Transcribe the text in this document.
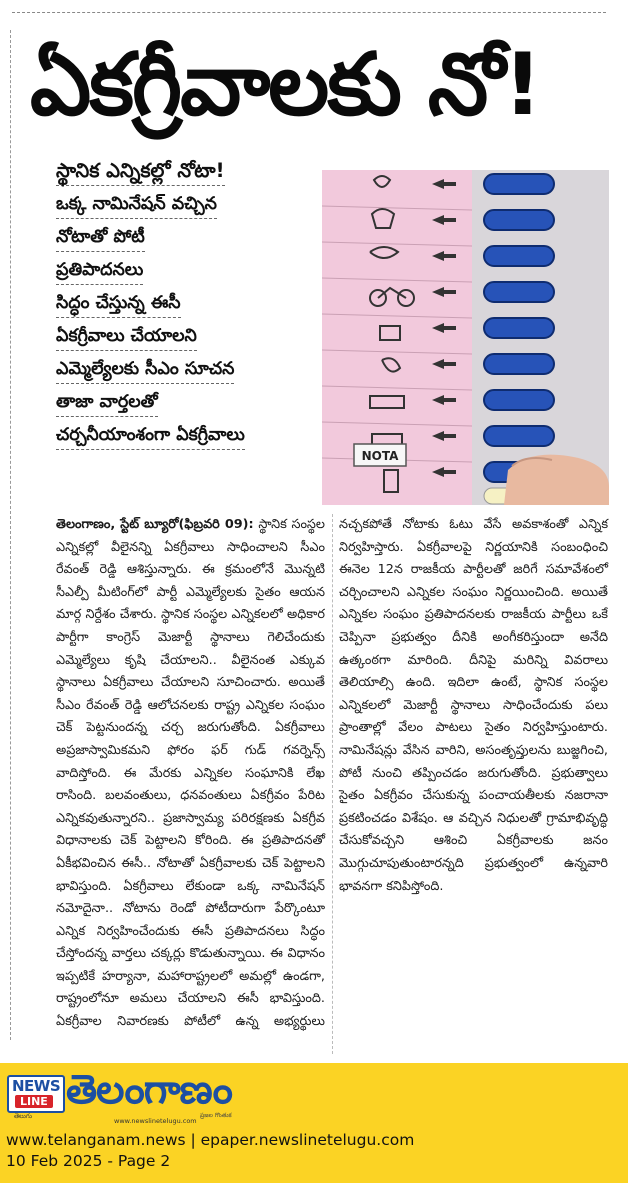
ఏకగ్రీవాలకు నో!
స్థానిక ఎన్నికల్లో నోటా!
ఒక్క నామినేషన్ వచ్చిన
నోటాతో పోటీ
ప్రతిపాదనలు
సిద్ధం చేస్తున్న ఈసీ
ఏకగ్రీవాలు చేయాలని
ఎమ్మెల్యేలకు సీఎం సూచన
తాజా వార్తలతో
చర్చనీయాంశంగా ఏకగ్రీవాలు
NOTA
తెలంగాణం, స్టేట్ బ్యూరో(ఫిబ్రవరి 09): స్థానిక సంస్థల ఎన్నికల్లో వీలైనన్ని ఏకగ్రీవాలు సాధించాలని సీఎం రేవంత్ రెడ్డి ఆశిస్తున్నారు. ఈ క్రమంలోనే మొన్నటి సీఎల్పీ మీటింగ్‌లో పార్టీ ఎమ్మెల్యేలకు సైతం ఆయన మార్గ నిర్దేశం చేశారు. స్థానిక సంస్థల ఎన్నికలలో అధికార పార్టీగా కాంగ్రెస్ మెజార్టీ స్థానాలు గెలిచేందుకు ఎమ్మెల్యేలు కృషి చేయాలని.. వీలైనంత ఎక్కువ స్థానాలు ఏకగ్రీవాలు చేయాలని సూచించారు. అయితే సీఎం రేవంత్ రెడ్డి ఆలోచనలకు రాష్ట్ర ఎన్నికల సంఘం చెక్ పెట్టనుందన్న చర్చ జరుగుతోంది. ఏకగ్రీవాలు అప్రజాస్వామికమని ఫోరం ఫర్ గుడ్ గవర్నెన్స్ వాదిస్తోంది. ఈ మేరకు ఎన్నికల సంఘానికి లేఖ రాసింది. బలవంతులు, ధనవంతులు ఏకగ్రీవం పేరిట ఎన్నికవుతున్నారని.. ప్రజాస్వామ్య పరిరక్షణకు ఏకగ్రీవ విధానాలకు చెక్ పెట్టాలని కోరింది. ఈ ప్రతిపాదనతో ఏకీభవించిన ఈసీ.. నోటాతో ఏకగ్రీవాలకు చెక్ పెట్టాలని భావిస్తుంది. ఏకగ్రీవాలు లేకుండా ఒక్క నామినేషన్ నమోదైనా.. నోటాను రెండో పోటీదారుగా పేర్కొంటూ ఎన్నిక నిర్వహించేందుకు ఈసీ ప్రతిపాదనలు సిద్ధం చేస్తోందన్న వార్తలు చక్కర్లు కొడుతున్నాయి. ఈ విధానం ఇప్పటికే హర్యానా, మహారాష్ట్రలలో అమల్లో ఉండగా, రాష్ట్రంలోనూ అమలు చేయాలని ఈసీ భావిస్తుంది. ఏకగ్రీవాల నివారణకు పోటీలో ఉన్న అభ్యర్థులు నచ్చకపోతే నోటాకు ఓటు వేసే అవకాశంతో ఎన్నిక నిర్వహిస్తారు. ఏకగ్రీవాలపై నిర్ణయానికి సంబంధించి ఈనెల 12న రాజకీయ పార్టీలతో జరిగే సమావేశంలో చర్చించాలని ఎన్నికల సంఘం నిర్ణయించింది. అయితే ఎన్నికల సంఘం ప్రతిపాదనలకు రాజకీయ పార్టీలు ఒకే చెప్పినా ప్రభుత్వం దీనికి అంగీకరిస్తుందా అనేది ఉత్కంఠగా మారింది. దీనిపై మరిన్ని వివరాలు తెలియాల్సి ఉంది. ఇదిలా ఉంటే, స్థానిక సంస్థల ఎన్నికలలో మెజార్టీ స్థానాలు సాధించేందుకు పలు ప్రాంతాల్లో వేలం పాటలు సైతం నిర్వహిస్తుంటారు. నామినేషన్లు వేసిన వారిని, అసంతృప్తులను బుజ్జగించి, పోటీ నుంచి తప్పించడం జరుగుతోంది. ప్రభుత్వాలు సైతం ఏకగ్రీవం చేసుకున్న పంచాయతీలకు నజరానా ప్రకటించడం విశేషం. ఆ వచ్చిన నిధులతో గ్రామాభివృద్ధి చేసుకోవచ్చని ఆశించి ఏకగ్రీవాలకు జనం మొగ్గుచూపుతుంటారన్నది ప్రభుత్వంలో ఉన్నవారి భావనగా కనిపిస్తోంది.
NEWS
LINE
తెలుగు
తెలంగాణం
ప్రజల గొంతుక
www.newslinetelugu.com
www.telanganam.news | epaper.newslinetelugu.com
10 Feb 2025 - Page 2
